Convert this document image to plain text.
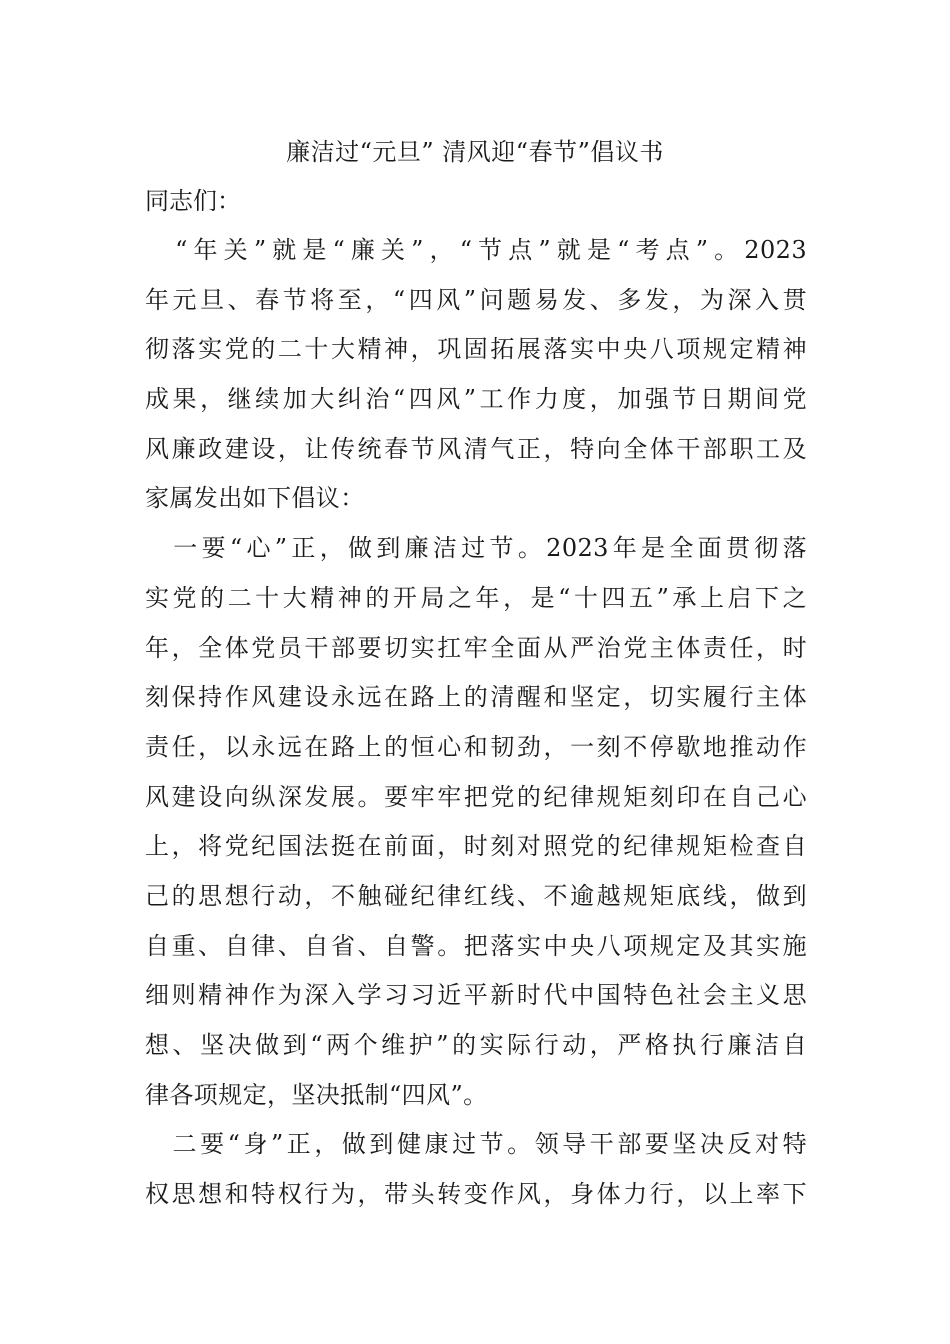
廉洁过“元旦” 清风迎“春节”倡议书
同志们：
　“年关”就是“廉关”，“节点”就是“考点”。2023
年元旦、春节将至，“四风”问题易发、多发，为深入贯
彻落实党的二十大精神，巩固拓展落实中央八项规定精神
成果，继续加大纠治“四风”工作力度，加强节日期间党
风廉政建设，让传统春节风清气正，特向全体干部职工及
家属发出如下倡议：
　一要“心”正，做到廉洁过节。2023年是全面贯彻落
实党的二十大精神的开局之年，是“十四五”承上启下之
年，全体党员干部要切实扛牢全面从严治党主体责任，时
刻保持作风建设永远在路上的清醒和坚定，切实履行主体
责任，以永远在路上的恒心和韧劲，一刻不停歇地推动作
风建设向纵深发展。要牢牢把党的纪律规矩刻印在自己心
上，将党纪国法挺在前面，时刻对照党的纪律规矩检查自
己的思想行动，不触碰纪律红线、不逾越规矩底线，做到
自重、自律、自省、自警。把落实中央八项规定及其实施
细则精神作为深入学习习近平新时代中国特色社会主义思
想、坚决做到“两个维护”的实际行动，严格执行廉洁自
律各项规定，坚决抵制“四风”。
　二要“身”正，做到健康过节。领导干部要坚决反对特
权思想和特权行为，带头转变作风，身体力行，以上率下
